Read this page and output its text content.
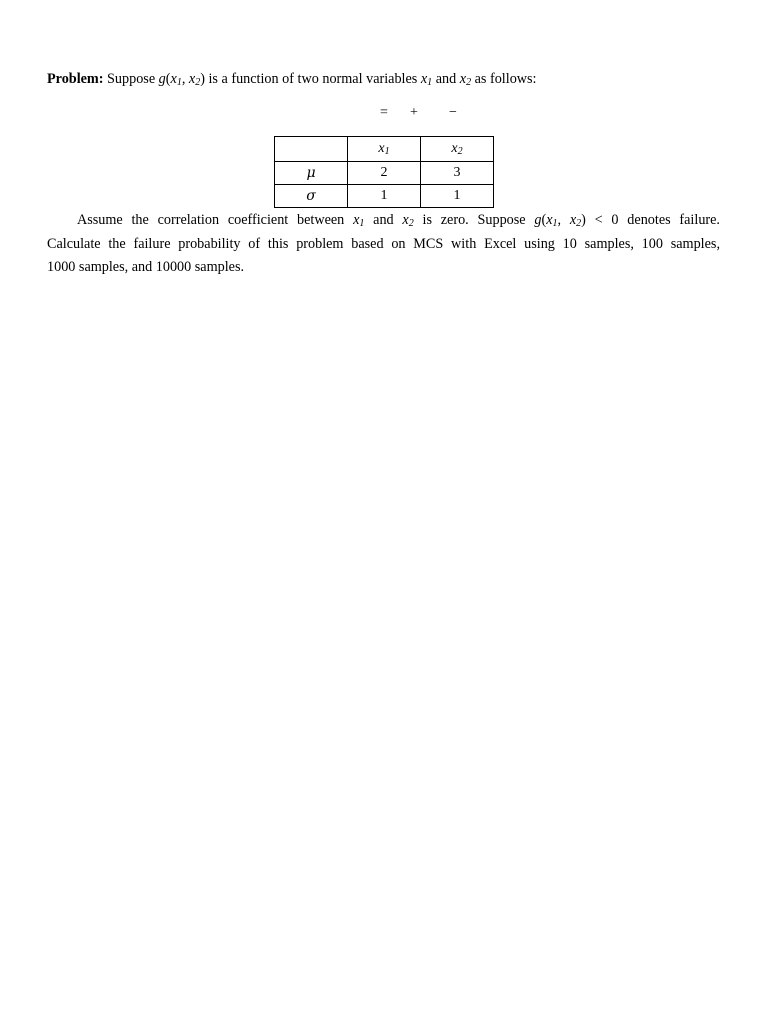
Problem: Suppose $g(x_1$, $x_2$) is a function of two normal variables $x_1$ and $x_2$ as follows:
= + −
	$x_1$	$x_2$
μ	2	3
σ	1	1
Assume the correlation coefficient between $x_1$ and $x_2$ is zero. Suppose $g(x_1$, $x_2) < 0$ denotes failure.
Calculate the failure probability of this problem based on MCS with Excel using 10 samples, 100 samples,
1000 samples, and 10000 samples.
